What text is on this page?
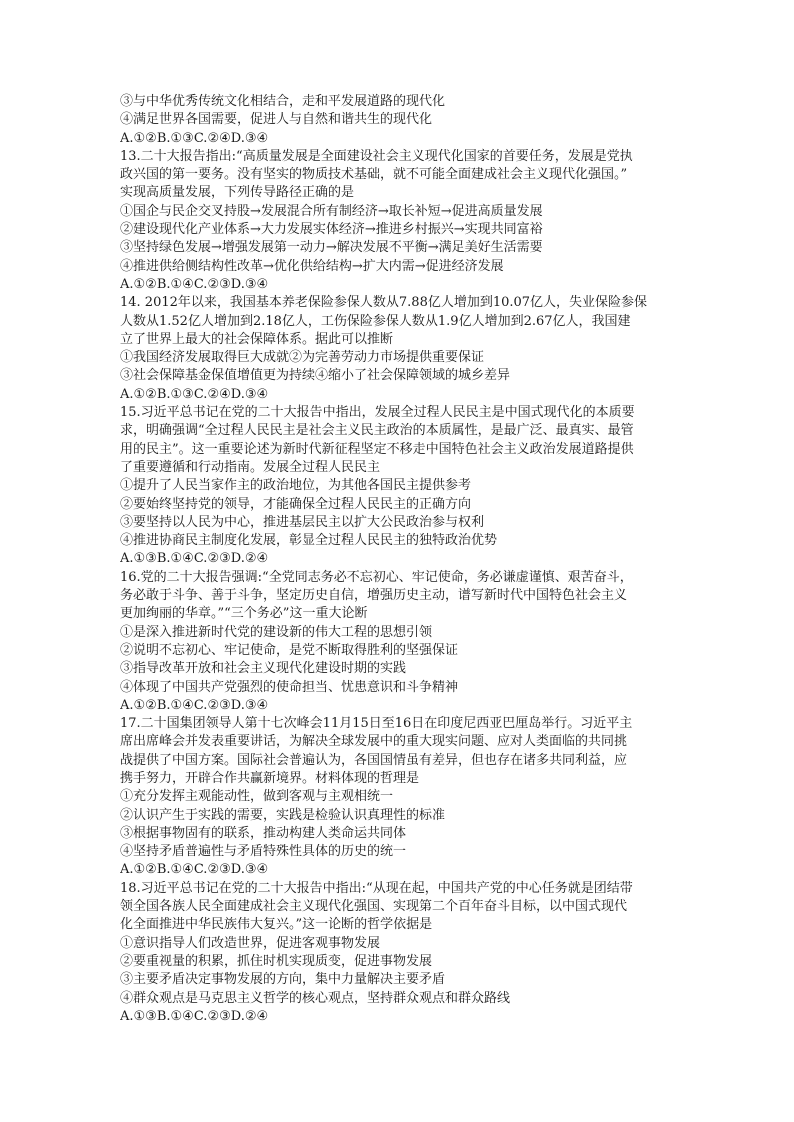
③与中华优秀传统文化相结合，走和平发展道路的现代化
④满足世界各国需要，促进人与自然和谐共生的现代化
A.①②B.①③C.②④D.③④
13.二十大报告指出:“高质量发展是全面建设社会主义现代化国家的首要任务，发展是党执
政兴国的第一要务。没有坚实的物质技术基础，就不可能全面建成社会主义现代化强国。”
实现高质量发展，下列传导路径正确的是
①国企与民企交叉持股→发展混合所有制经济→取长补短→促进高质量发展
②建设现代化产业体系→大力发展实体经济→推进乡村振兴→实现共同富裕
③坚持绿色发展→增强发展第一动力→解决发展不平衡→满足美好生活需要
④推进供给侧结构性改革→优化供给结构→扩大内需→促进经济发展
A.①②B.①④C.②③D.③④
14. 2012年以来，我国基本养老保险参保人数从7.88亿人增加到10.07亿人，失业保险参保
人数从1.52亿人增加到2.18亿人，工伤保险参保人数从1.9亿人增加到2.67亿人，我国建
立了世界上最大的社会保障体系。据此可以推断
①我国经济发展取得巨大成就②为完善劳动力市场提供重要保证
③社会保障基金保值增值更为持续④缩小了社会保障领域的城乡差异
A.①②B.①③C.②④D.③④
15.习近平总书记在党的二十大报告中指出，发展全过程人民民主是中国式现代化的本质要
求，明确强调“全过程人民民主是社会主义民主政治的本质属性，是最广泛、最真实、最管
用的民主”。这一重要论述为新时代新征程坚定不移走中国特色社会主义政治发展道路提供
了重要遵循和行动指南。发展全过程人民民主
①提升了人民当家作主的政治地位，为其他各国民主提供参考
②要始终坚持党的领导，才能确保全过程人民民主的正确方向
③要坚持以人民为中心，推进基层民主以扩大公民政治参与权利
④推进协商民主制度化发展，彰显全过程人民民主的独特政治优势
A.①③B.①④C.②③D.②④
16.党的二十大报告强调:“全党同志务必不忘初心、牢记使命，务必谦虚谨慎、艰苦奋斗，
务必敢于斗争、善于斗争，坚定历史自信，增强历史主动，谱写新时代中国特色社会主义
更加绚丽的华章。”“三个务必”这一重大论断
①是深入推进新时代党的建设新的伟大工程的思想引领
②说明不忘初心、牢记使命，是党不断取得胜利的坚强保证
③指导改革开放和社会主义现代化建设时期的实践
④体现了中国共产党强烈的使命担当、忧患意识和斗争精神
A.①②B.①④C.②③D.③④
17.二十国集团领导人第十七次峰会11月15日至16日在印度尼西亚巴厘岛举行。习近平主
席出席峰会并发表重要讲话，为解决全球发展中的重大现实问题、应对人类面临的共同挑
战提供了中国方案。国际社会普遍认为，各国国情虽有差异，但也存在诸多共同利益，应
携手努力，开辟合作共赢新境界。材料体现的哲理是
①充分发挥主观能动性，做到客观与主观相统一
②认识产生于实践的需要，实践是检验认识真理性的标准
③根据事物固有的联系，推动构建人类命运共同体
④坚持矛盾普遍性与矛盾特殊性具体的历史的统一
A.①②B.①④C.②③D.③④
18.习近平总书记在党的二十大报告中指出:“从现在起，中国共产党的中心任务就是团结带
领全国各族人民全面建成社会主义现代化强国、实现第二个百年奋斗目标，以中国式现代
化全面推进中华民族伟大复兴。”这一论断的哲学依据是
①意识指导人们改造世界，促进客观事物发展
②要重视量的积累，抓住时机实现质变，促进事物发展
③主要矛盾决定事物发展的方向，集中力量解决主要矛盾
④群众观点是马克思主义哲学的核心观点，坚持群众观点和群众路线
A.①③B.①④C.②③D.②④
